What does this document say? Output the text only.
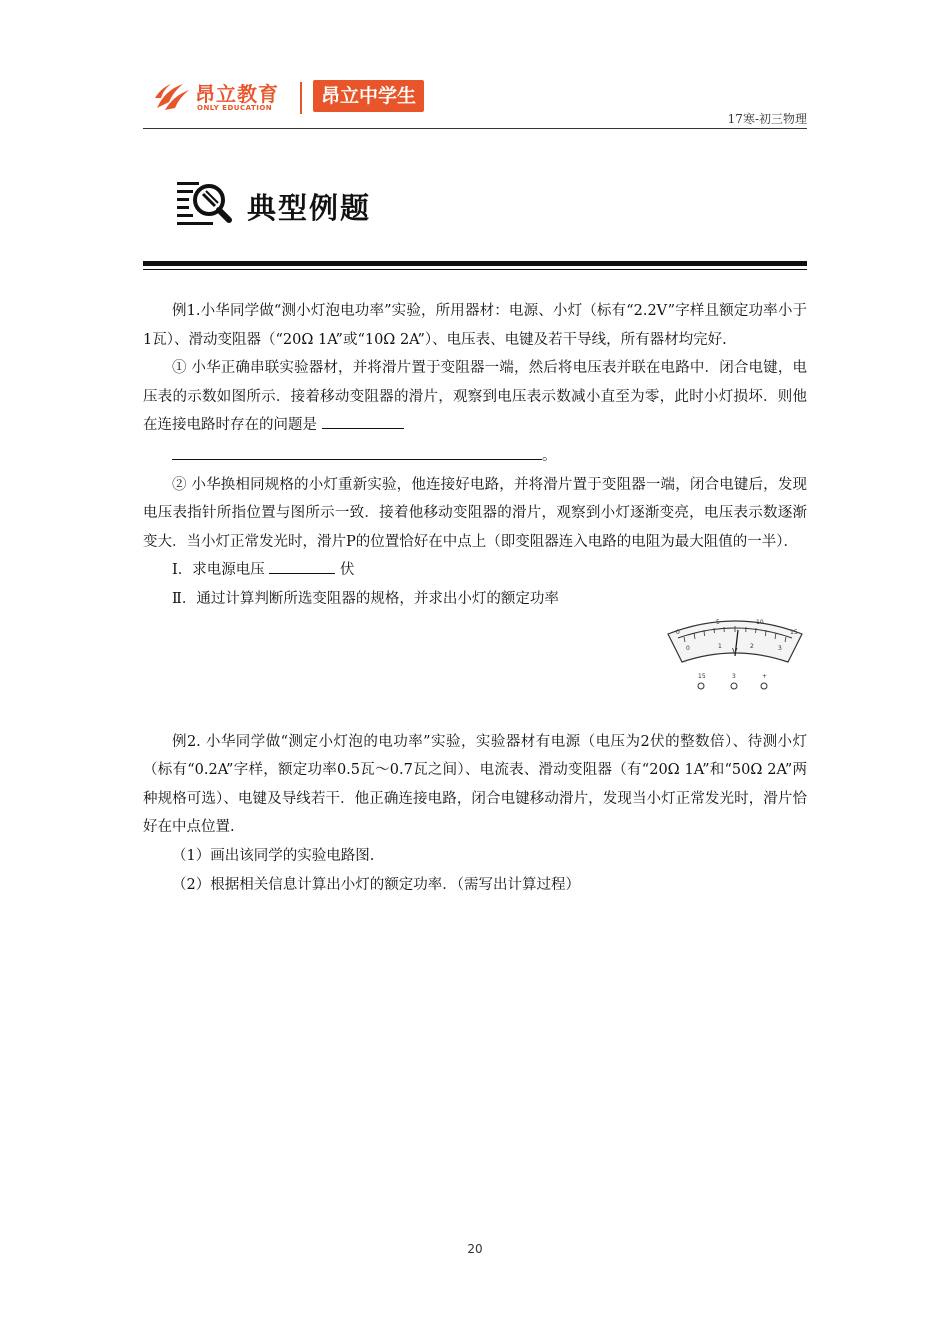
昂立教育
ONLY EDUCATION
昂立中学生
17寒-初三物理
典型例题

例1.小华同学做“测小灯泡电功率”实验，所用器材：电源、小灯（标有“2.2V”字样且额定功率小于1瓦）、滑动变阻器（“20Ω 1A”或“10Ω 2A”）、电压表、电键及若干导线，所有器材均完好.

① 小华正确串联实验器材，并将滑片置于变阻器一端，然后将电压表并联在电路中．闭合电键，电压表的示数如图所示．接着移动变阻器的滑片，观察到电压表示数减小直至为零，此时小灯损坏．则他在连接电路时存在的问题是

。

② 小华换相同规格的小灯重新实验，他连接好电路，并将滑片置于变阻器一端，闭合电键后，发现电压表指针所指位置与图所示一致．接着他移动变阻器的滑片，观察到小灯逐渐变亮，电压表示数逐渐变大．当小灯正常发光时，滑片P的位置恰好在中点上（即变阻器连入电路的电阻为最大阻值的一半）．

Ⅰ．求电源电压	伏

Ⅱ．通过计算判断所选变阻器的规格，并求出小灯的额定功率

例2. 小华同学做“测定小灯泡的电功率”实验，实验器材有电源（电压为2伏的整数倍）、待测小灯（标有“0.2A”字样，额定功率0.5瓦～0.7瓦之间）、电流表、滑动变阻器（有“20Ω 1A”和“50Ω 2A”两种规格可选）、电键及导线若干．他正确连接电路，闭合电键移动滑片，发现当小灯正常发光时，滑片恰好在中点位置.

（1）画出该同学的实验电路图.

（2）根据相关信息计算出小灯的额定功率．（需写出计算过程）

0
5	10
15
0	1	2	3
V
15	3	+
20
